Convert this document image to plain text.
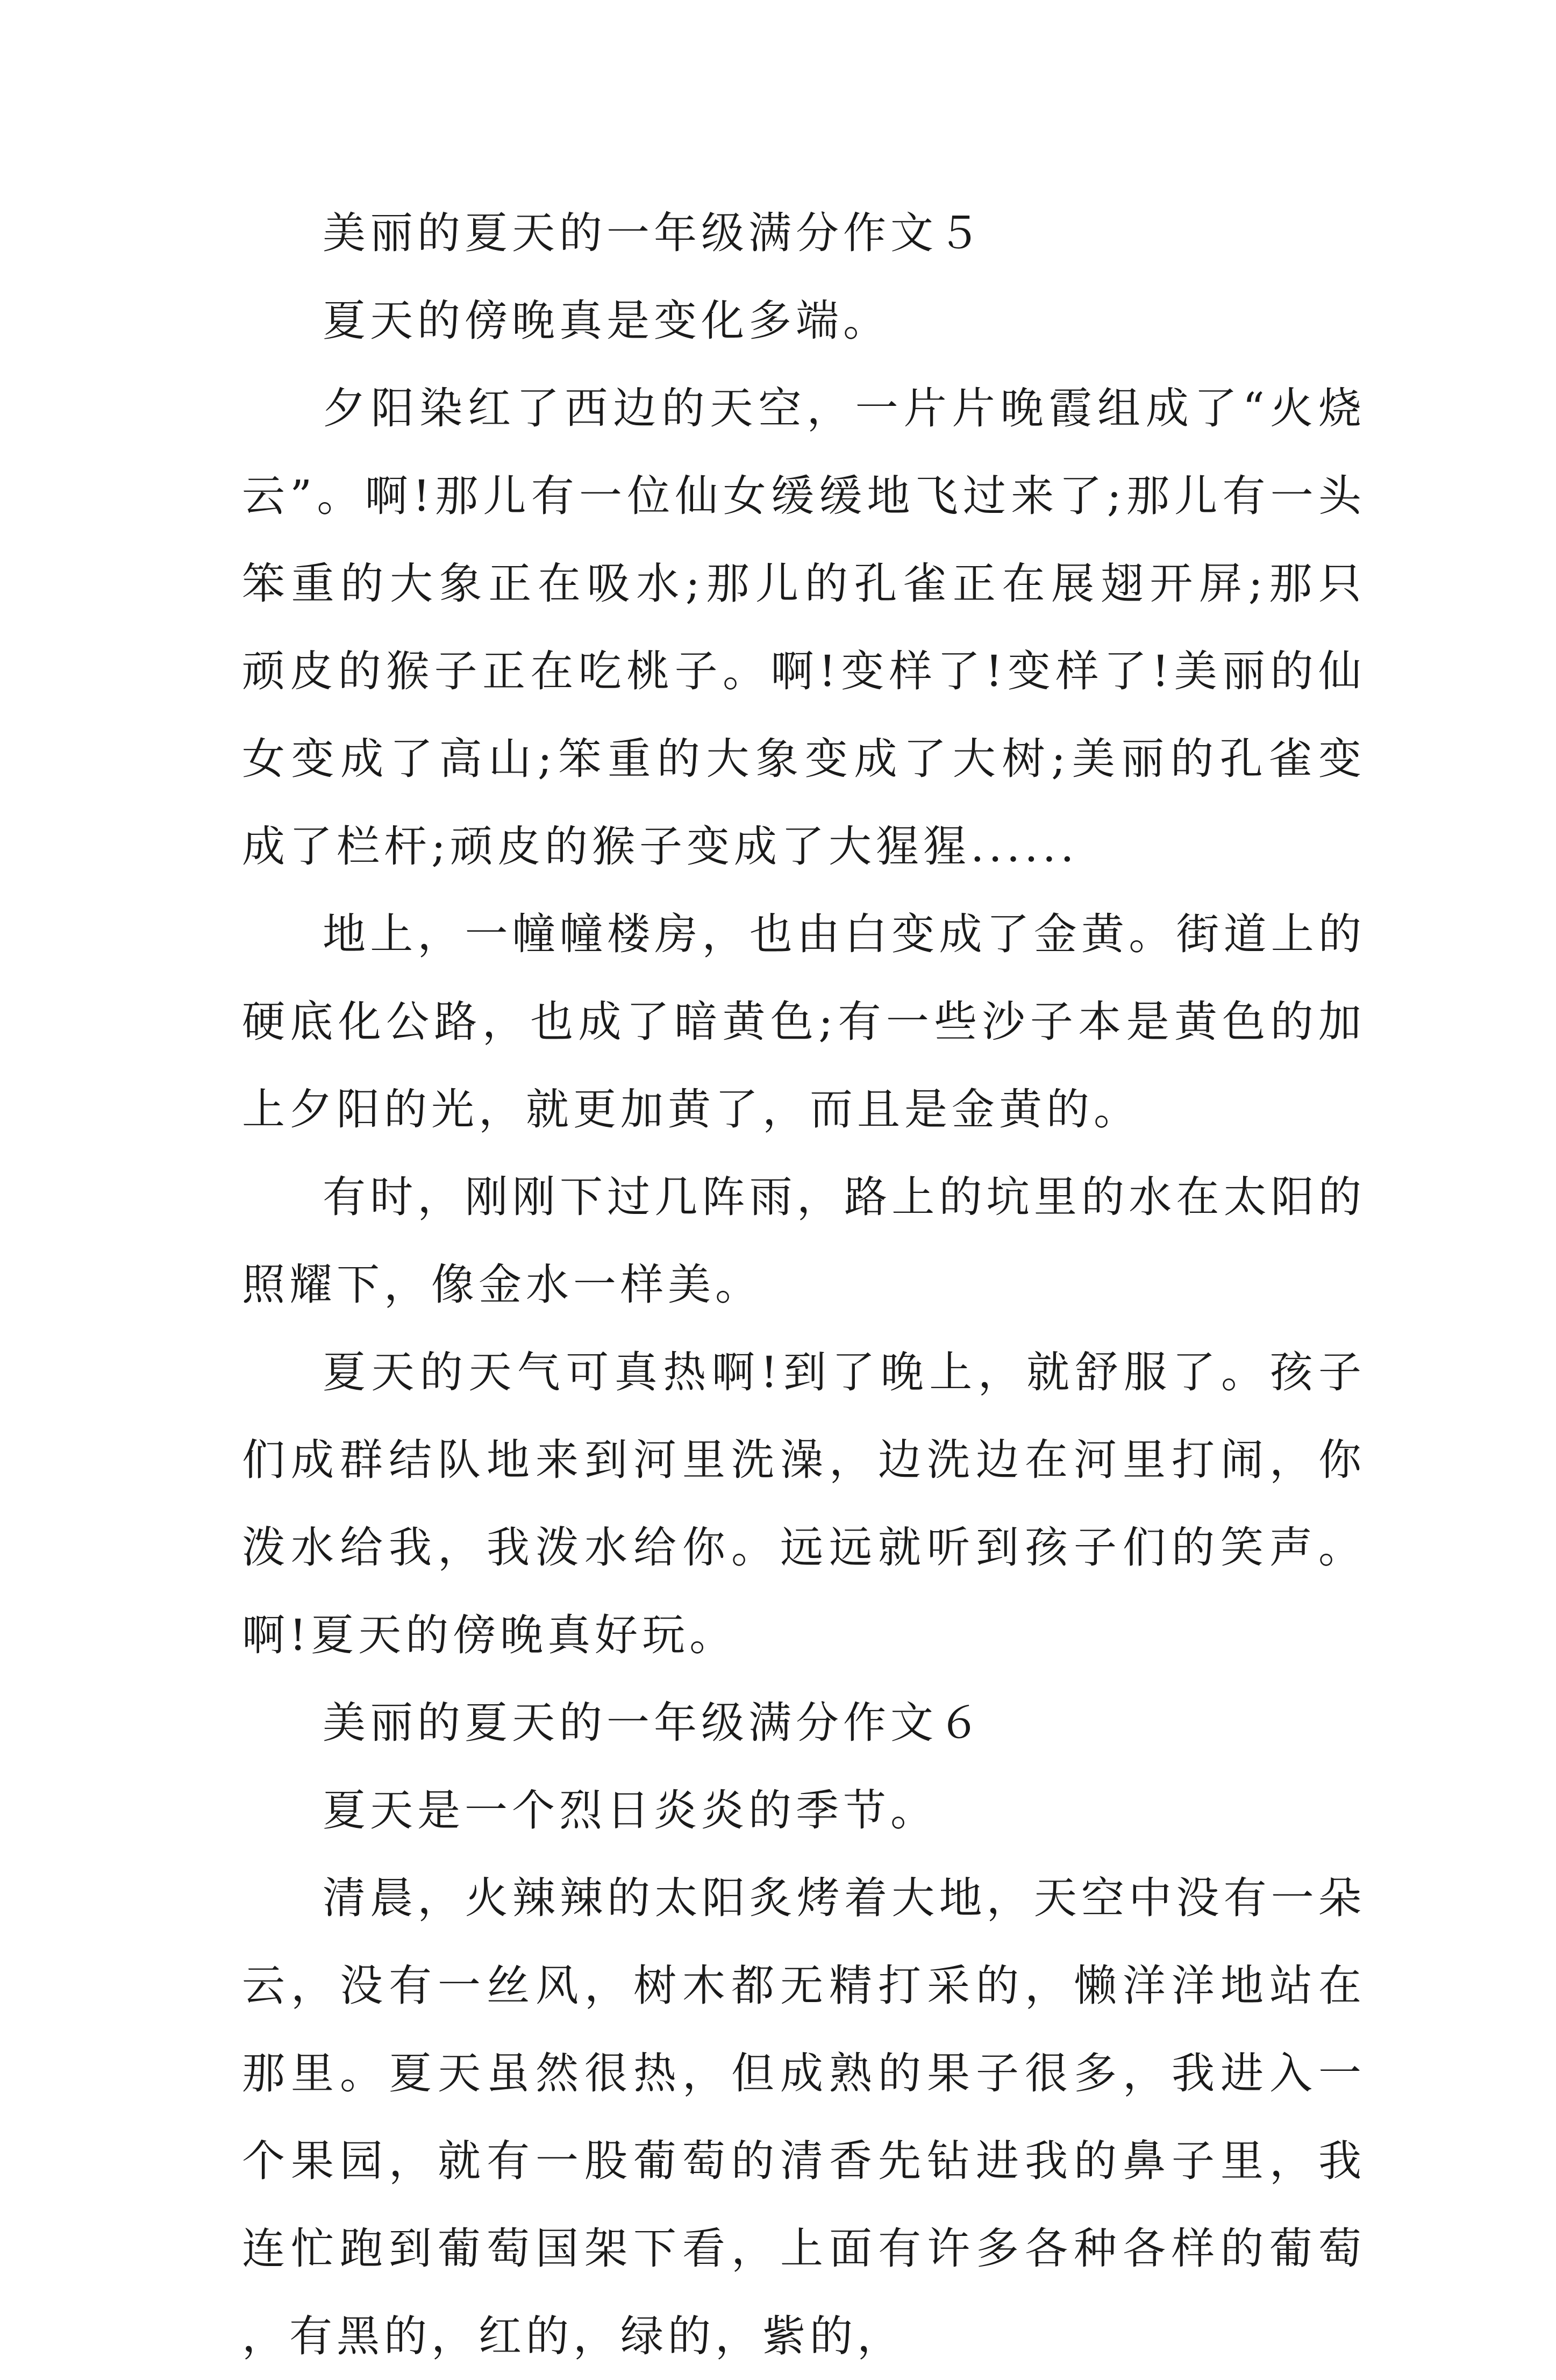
美丽的夏天的一年级满分作文５

夏天的傍晚真是变化多端。

夕阳染红了西边的天空，一片片晚霞组成了“火烧云”。啊!那儿有一位仙女缓缓地飞过来了;那儿有一头笨重的大象正在吸水;那儿的孔雀正在展翅开屏;那只顽皮的猴子正在吃桃子。啊!变样了!变样了!美丽的仙女变成了高山;笨重的大象变成了大树;美丽的孔雀变成了栏杆;顽皮的猴子变成了大猩猩......

地上，一幢幢楼房，也由白变成了金黄。街道上的硬底化公路，也成了暗黄色;有一些沙子本是黄色的加上夕阳的光，就更加黄了，而且是金黄的。

有时，刚刚下过几阵雨，路上的坑里的水在太阳的照耀下，像金水一样美。

夏天的天气可真热啊!到了晚上，就舒服了。孩子们成群结队地来到河里洗澡，边洗边在河里打闹，你泼水给我，我泼水给你。远远就听到孩子们的笑声。啊!夏天的傍晚真好玩。

美丽的夏天的一年级满分作文６

夏天是一个烈日炎炎的季节。

清晨，火辣辣的太阳炙烤着大地，天空中没有一朵云，没有一丝风，树木都无精打采的，懒洋洋地站在那里。夏天虽然很热，但成熟的果子很多，我进入一个果园，就有一股葡萄的清香先钻进我的鼻子里，我连忙跑到葡萄国架下看，上面有许多各种各样的葡萄，有黑的，红的，绿的，紫的，
